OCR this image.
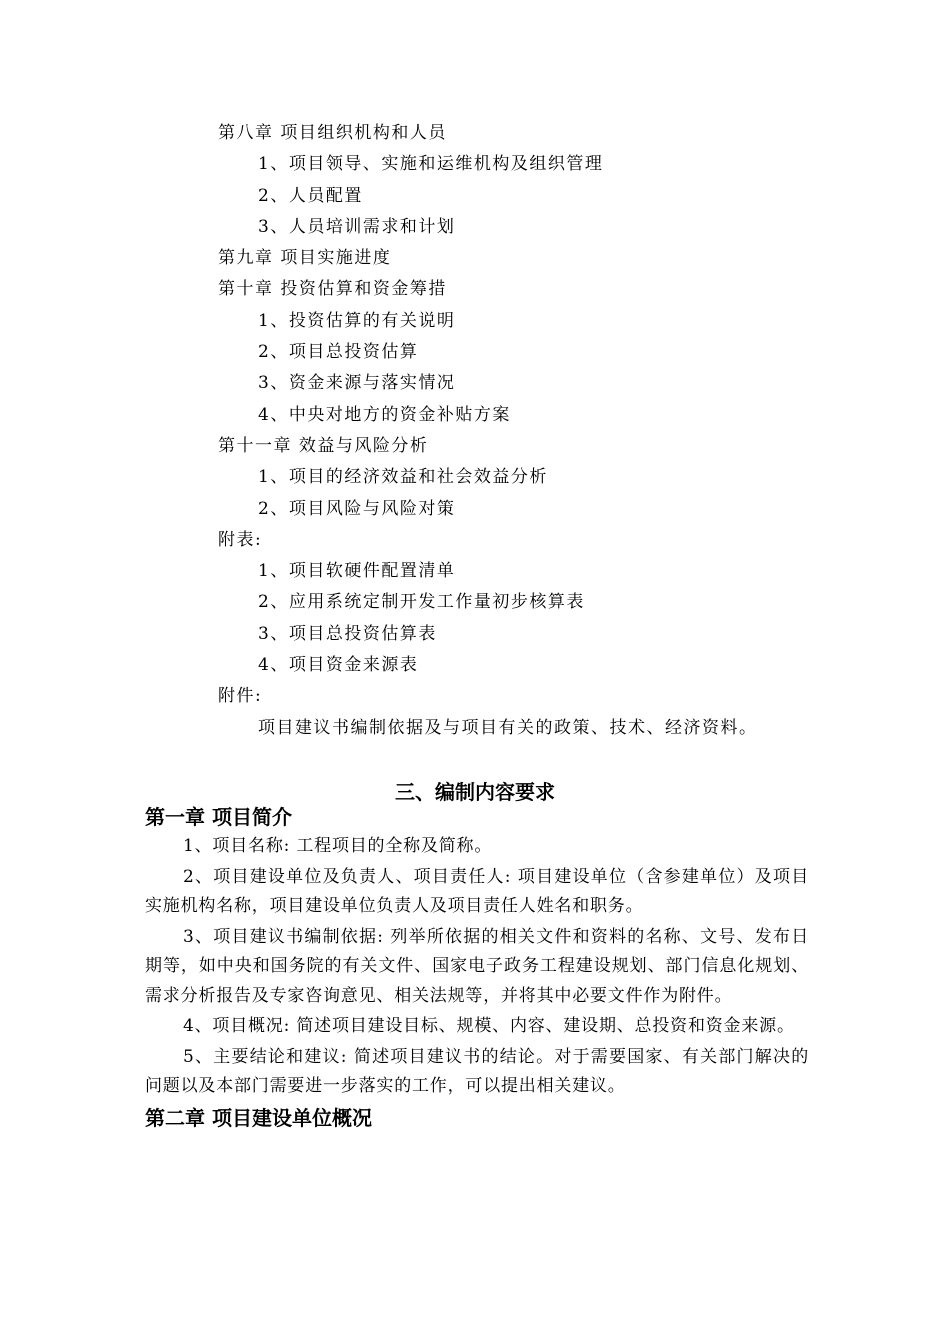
第八章 项目组织机构和人员
1、项目领导、实施和运维机构及组织管理
2、人员配置
3、人员培训需求和计划
第九章 项目实施进度
第十章 投资估算和资金筹措
1、投资估算的有关说明
2、项目总投资估算
3、资金来源与落实情况
4、中央对地方的资金补贴方案
第十一章 效益与风险分析
1、项目的经济效益和社会效益分析
2、项目风险与风险对策
附表:
1、项目软硬件配置清单
2、应用系统定制开发工作量初步核算表
3、项目总投资估算表
4、项目资金来源表
附件:
项目建议书编制依据及与项目有关的政策、技术、经济资料。
三、编制内容要求
第一章 项目简介

1、项目名称: 工程项目的全称及简称。

2、项目建设单位及负责人、项目责任人: 项目建设单位（含参建单位）及项目实施机构名称，项目建设单位负责人及项目责任人姓名和职务。

3、项目建议书编制依据: 列举所依据的相关文件和资料的名称、文号、发布日期等，如中央和国务院的有关文件、国家电子政务工程建设规划、部门信息化规划、需求分析报告及专家咨询意见、相关法规等，并将其中必要文件作为附件。

4、项目概况: 简述项目建设目标、规模、内容、建设期、总投资和资金来源。

5、主要结论和建议: 简述项目建议书的结论。对于需要国家、有关部门解决的问题以及本部门需要进一步落实的工作，可以提出相关建议。

第二章 项目建设单位概况
